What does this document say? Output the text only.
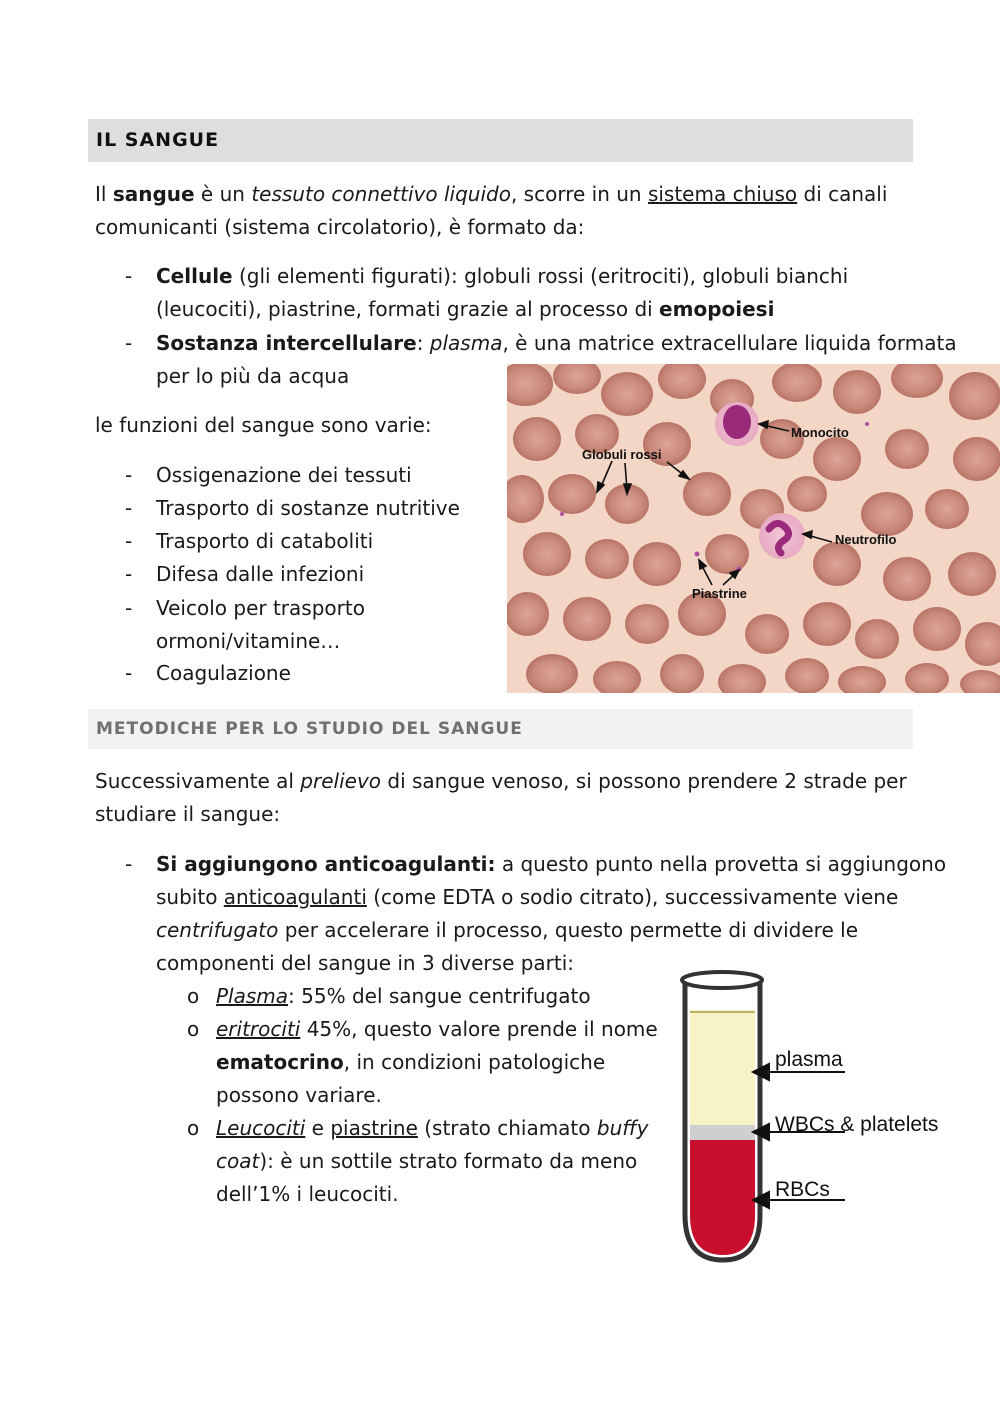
IL SANGUE
Il sangue è un tessuto connettivo liquido, scorre in un sistema chiuso di canali
comunicanti (sistema circolatorio), è formato da:
- Cellule (gli elementi figurati): globuli rossi (eritrociti), globuli bianchi
(leucociti), piastrine, formati grazie al processo di emopoiesi
- Sostanza intercellulare: plasma, è una matrice extracellulare liquida formata
per lo più da acqua
le funzioni del sangue sono varie:
- Ossigenazione dei tessuti
- Trasporto di sostanze nutritive
- Trasporto di cataboliti
- Difesa dalle infezioni
- Veicolo per trasporto
ormoni/vitamine…
- Coagulazione
Globuli rossi
Monocito
Neutrofilo
Piastrine
METODICHE PER LO STUDIO DEL SANGUE
Successivamente al prelievo di sangue venoso, si possono prendere 2 strade per
studiare il sangue:
- Si aggiungono anticoagulanti: a questo punto nella provetta si aggiungono
subito anticoagulanti (come EDTA o sodio citrato), successivamente viene
centrifugato per accelerare il processo, questo permette di dividere le
componenti del sangue in 3 diverse parti:
o Plasma: 55% del sangue centrifugato
o eritrociti 45%, questo valore prende il nome
ematocrino, in condizioni patologiche
possono variare.
o Leucociti e piastrine (strato chiamato buffy
coat): è un sottile strato formato da meno
dell’1% i leucociti.
plasma
WBCs & platelets
RBCs
